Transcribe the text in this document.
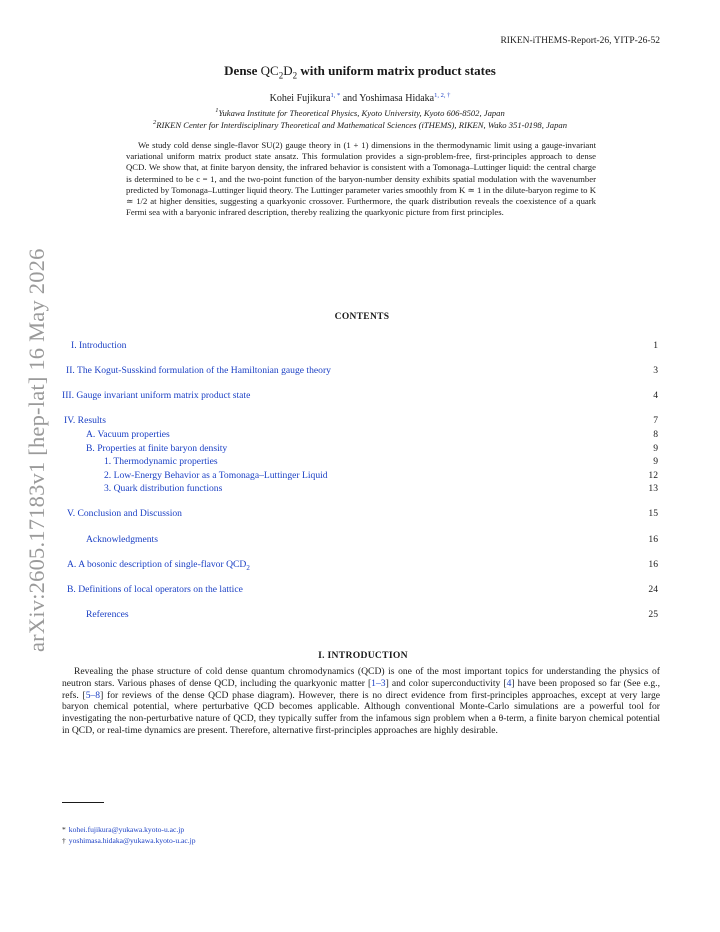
RIKEN-iTHEMS-Report-26, YITP-26-52
arXiv:2605.17183v1 [hep-lat] 16 May 2026
Dense $QC_2D_2$ with uniform matrix product states
Kohei Fujikura$^{1, *}$ and Yoshimasa Hidaka$^{1, 2, \dagger}$
$^1$Yukawa Institute for Theoretical Physics, Kyoto University, Kyoto 606-8502, Japan
$^2$RIKEN Center for Interdisciplinary Theoretical and Mathematical Sciences (iTHEMS), RIKEN, Wako 351-0198, Japan

We study cold dense single-flavor SU(2) gauge theory in (1 + 1) dimensions in the thermodynamic limit using a gauge-invariant variational uniform matrix product state ansatz. This formulation provides a sign-problem-free, first-principles approach to dense QCD. We show that, at finite baryon density, the infrared behavior is consistent with a Tomonaga–Luttinger liquid: the central charge is determined to be c = 1, and the two-point function of the baryon-number density exhibits spatial modulation with the wavenumber predicted by Tomonaga–Luttinger liquid theory. The Luttinger parameter varies smoothly from K ≃ 1 in the dilute-baryon regime to K ≃ 1/2 at higher densities, suggesting a quarkyonic crossover. Furthermore, the quark distribution reveals the coexistence of a quark Fermi sea with a baryonic infrared description, thereby realizing the quarkyonic picture from first principles.

CONTENTS
I. Introduction	1
II. The Kogut-Susskind formulation of the Hamiltonian gauge theory	3
III. Gauge invariant uniform matrix product state	4
IV. Results	7
A. Vacuum properties	8
B. Properties at finite baryon density	9
1. Thermodynamic properties	9
2. Low-Energy Behavior as a Tomonaga–Luttinger Liquid	12
3. Quark distribution functions	13
V. Conclusion and Discussion	15
Acknowledgments	16
A. A bosonic description of single-flavor $QCD_2$	16
B. Definitions of local operators on the lattice	24
References	25
I. INTRODUCTION

Revealing the phase structure of cold dense quantum chromodynamics (QCD) is one of the most important topics for understanding the physics of neutron stars. Various phases of dense QCD, including the quarkyonic matter [1–3] and color superconductivity [4] have been proposed so far (See e.g., refs. [5–8] for reviews of the dense QCD phase diagram). However, there is no direct evidence from first-principles approaches, except at very large baryon chemical potential, where perturbative QCD becomes applicable. Although conventional Monte-Carlo simulations are a powerful tool for investigating the non-perturbative nature of QCD, they typically suffer from the infamous sign problem when a θ-term, a finite baryon chemical potential in QCD, or real-time dynamics are present. Therefore, alternative first-principles approaches are highly desirable.

* kohei.fujikura@yukawa.kyoto-u.ac.jp
† yoshimasa.hidaka@yukawa.kyoto-u.ac.jp
